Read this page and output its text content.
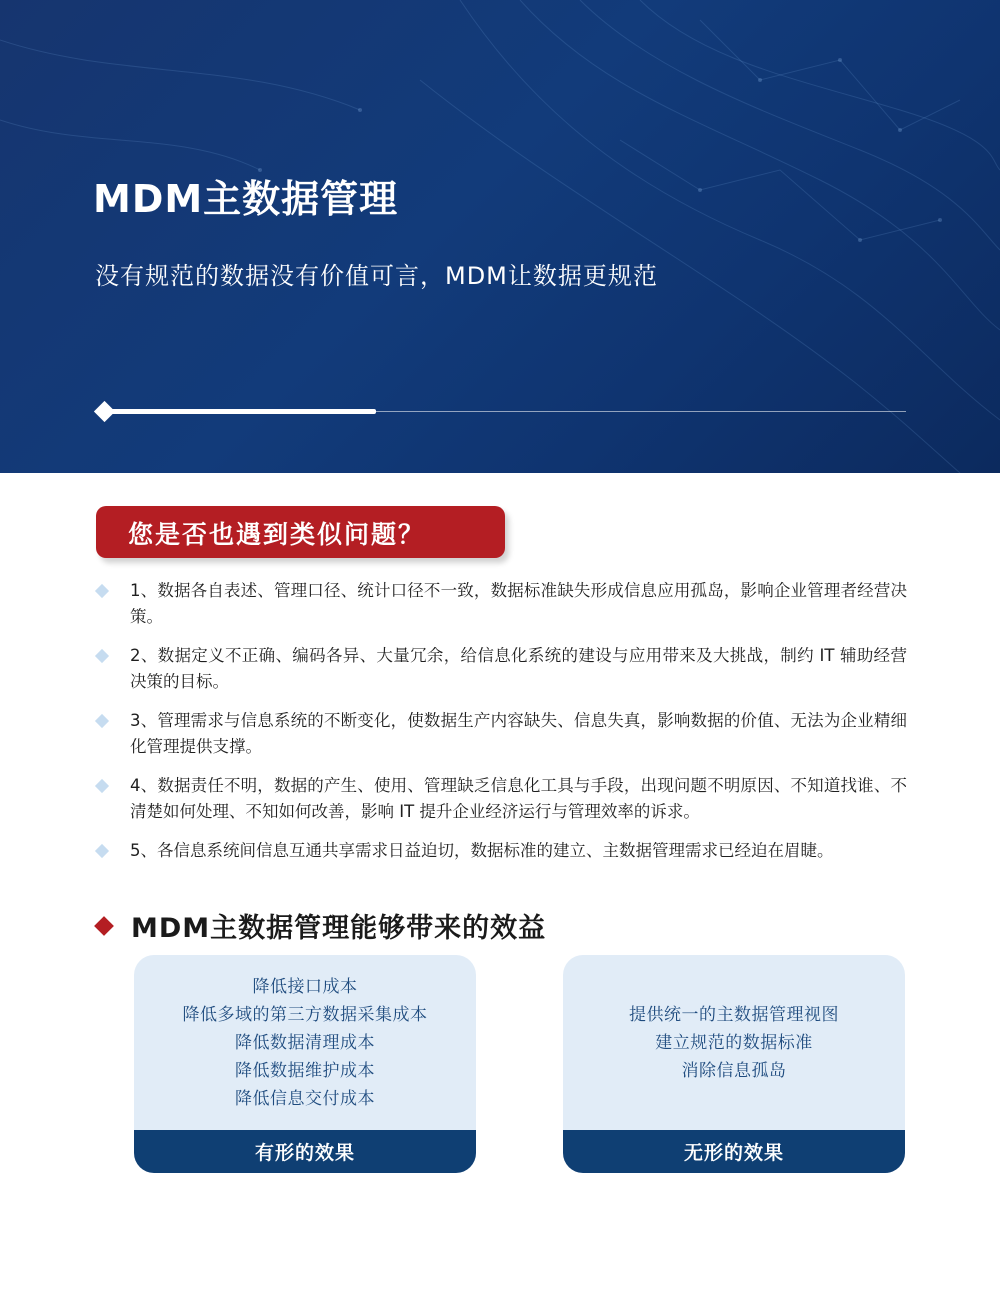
MDM主数据管理
没有规范的数据没有价值可言，MDM让数据更规范
您是否也遇到类似问题？
1、数据各自表述、管理口径、统计口径不一致，数据标准缺失形成信息应用孤岛，影响企业管理者经营决策。
2、数据定义不正确、编码各异、大量冗余，给信息化系统的建设与应用带来及大挑战，制约 IT 辅助经营决策的目标。
3、管理需求与信息系统的不断变化，使数据生产内容缺失、信息失真，影响数据的价值、无法为企业精细化管理提供支撑。
4、数据责任不明，数据的产生、使用、管理缺乏信息化工具与手段，出现问题不明原因、不知道找谁、不清楚如何处理、不知如何改善，影响 IT 提升企业经济运行与管理效率的诉求。
5、各信息系统间信息互通共享需求日益迫切，数据标准的建立、主数据管理需求已经迫在眉睫。
MDM主数据管理能够带来的效益
降低接口成本
降低多域的第三方数据采集成本
降低数据清理成本
降低数据维护成本
降低信息交付成本
有形的效果
提供统一的主数据管理视图
建立规范的数据标准
消除信息孤岛
无形的效果
